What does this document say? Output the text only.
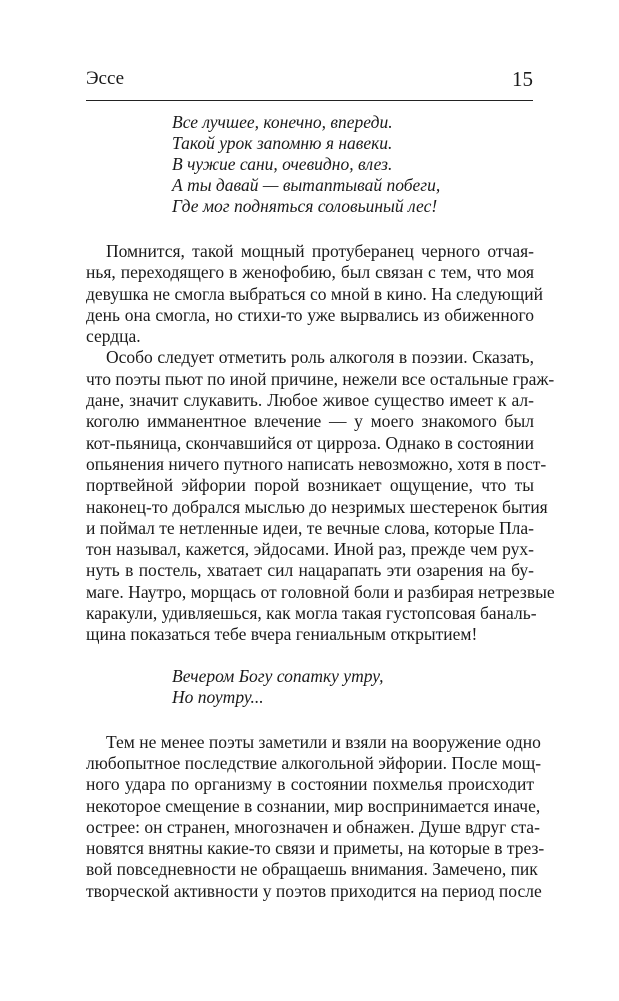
Эссе	15
Все лучшее, конечно, впереди.
Такой урок запомню я навеки.
В чужие сани, очевидно, влез.
А ты давай — вытаптывай побеги,
Где мог подняться соловьиный лес!
Помнится, такой мощный протуберанец черного отчая-
нья, переходящего в женофобию, был связан с тем, что моя
девушка не смогла выбраться со мной в кино. На следующий
день она смогла, но стихи-то уже вырвались из обиженного
сердца.
Особо следует отметить роль алкоголя в поэзии. Сказать,
что поэты пьют по иной причине, нежели все остальные граж-
дане, значит слукавить. Любое живое существо имеет к ал-
коголю имманентное влечение — у моего знакомого был
кот-пьяница, скончавшийся от цирроза. Однако в состоянии
опьянения ничего путного написать невозможно, хотя в пост-
портвейной эйфории порой возникает ощущение, что ты
наконец-то добрался мыслью до незримых шестеренок бытия
и поймал те нетленные идеи, те вечные слова, которые Пла-
тон называл, кажется, эйдосами. Иной раз, прежде чем рух-
нуть в постель, хватает сил нацарапать эти озарения на бу-
маге. Наутро, морщась от головной боли и разбирая нетрезвые
каракули, удивляешься, как могла такая густопсовая баналь-
щина показаться тебе вчера гениальным открытием!
Вечером Богу сопатку утру,
Но поутру...
Тем не менее поэты заметили и взяли на вооружение одно
любопытное последствие алкогольной эйфории. После мощ-
ного удара по организму в состоянии похмелья происходит
некоторое смещение в сознании, мир воспринимается иначе,
острее: он странен, многозначен и обнажен. Душе вдруг ста-
новятся внятны какие-то связи и приметы, на которые в трез-
вой повседневности не обращаешь внимания. Замечено, пик
творческой активности у поэтов приходится на период после
